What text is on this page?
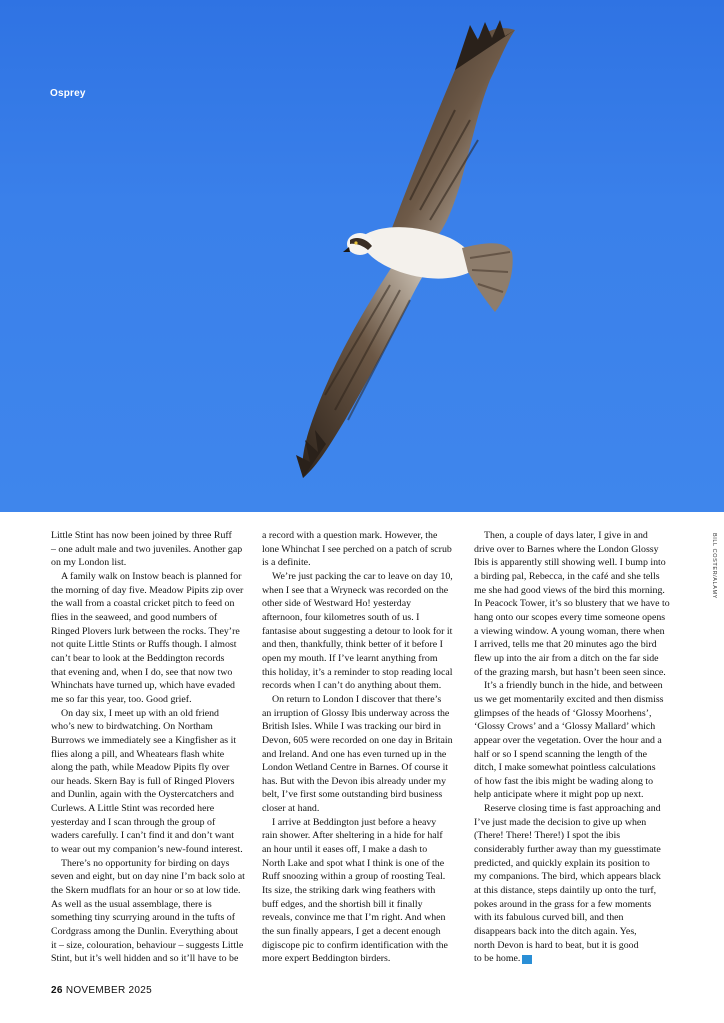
Osprey
BILL COSTER/ALAMY

Little Stint has now been joined by three Ruff
– one adult male and two juveniles. Another gap
on my London list.

A family walk on Instow beach is planned for
the morning of day five. Meadow Pipits zip over
the wall from a coastal cricket pitch to feed on
flies in the seaweed, and good numbers of
Ringed Plovers lurk between the rocks. They’re
not quite Little Stints or Ruffs though. I almost
can’t bear to look at the Beddington records
that evening and, when I do, see that now two
Whinchats have turned up, which have evaded
me so far this year, too. Good grief.

On day six, I meet up with an old friend
who’s new to birdwatching. On Northam
Burrows we immediately see a Kingfisher as it
flies along a pill, and Wheatears flash white
along the path, while Meadow Pipits fly over
our heads. Skern Bay is full of Ringed Plovers
and Dunlin, again with the Oystercatchers and
Curlews. A Little Stint was recorded here
yesterday and I scan through the group of
waders carefully. I can’t find it and don’t want
to wear out my companion’s new-found interest.

There’s no opportunity for birding on days
seven and eight, but on day nine I’m back solo at
the Skern mudflats for an hour or so at low tide.
As well as the usual assemblage, there is
something tiny scurrying around in the tufts of
Cordgrass among the Dunlin. Everything about
it – size, colouration, behaviour – suggests Little
Stint, but it’s well hidden and so it’ll have to be

a record with a question mark. However, the
lone Whinchat I see perched on a patch of scrub
is a definite.

We’re just packing the car to leave on day 10,
when I see that a Wryneck was recorded on the
other side of Westward Ho! yesterday
afternoon, four kilometres south of us. I
fantasise about suggesting a detour to look for it
and then, thankfully, think better of it before I
open my mouth. If I’ve learnt anything from
this holiday, it’s a reminder to stop reading local
records when I can’t do anything about them.

On return to London I discover that there’s
an irruption of Glossy Ibis underway across the
British Isles. While I was tracking our bird in
Devon, 605 were recorded on one day in Britain
and Ireland. And one has even turned up in the
London Wetland Centre in Barnes. Of course it
has. But with the Devon ibis already under my
belt, I’ve first some outstanding bird business
closer at hand.

I arrive at Beddington just before a heavy
rain shower. After sheltering in a hide for half
an hour until it eases off, I make a dash to
North Lake and spot what I think is one of the
Ruff snoozing within a group of roosting Teal.
Its size, the striking dark wing feathers with
buff edges, and the shortish bill it finally
reveals, convince me that I’m right. And when
the sun finally appears, I get a decent enough
digiscope pic to confirm identification with the
more expert Beddington birders.

Then, a couple of days later, I give in and
drive over to Barnes where the London Glossy
Ibis is apparently still showing well. I bump into
a birding pal, Rebecca, in the café and she tells
me she had good views of the bird this morning.
In Peacock Tower, it’s so blustery that we have to
hang onto our scopes every time someone opens
a viewing window. A young woman, there when
I arrived, tells me that 20 minutes ago the bird
flew up into the air from a ditch on the far side
of the grazing marsh, but hasn’t been seen since.

It’s a friendly bunch in the hide, and between
us we get momentarily excited and then dismiss
glimpses of the heads of ‘Glossy Moorhens’,
‘Glossy Crows’ and a ‘Glossy Mallard’ which
appear over the vegetation. Over the hour and a
half or so I spend scanning the length of the
ditch, I make somewhat pointless calculations
of how fast the ibis might be wading along to
help anticipate where it might pop up next.

Reserve closing time is fast approaching and
I’ve just made the decision to give up when
(There! There! There!) I spot the ibis
considerably further away than my guesstimate
predicted, and quickly explain its position to
my companions. The bird, which appears black
at this distance, steps daintily up onto the turf,
pokes around in the grass for a few moments
with its fabulous curved bill, and then
disappears back into the ditch again. Yes,
north Devon is hard to beat, but it is good
to be home. BW

26 NOVEMBER 2025
